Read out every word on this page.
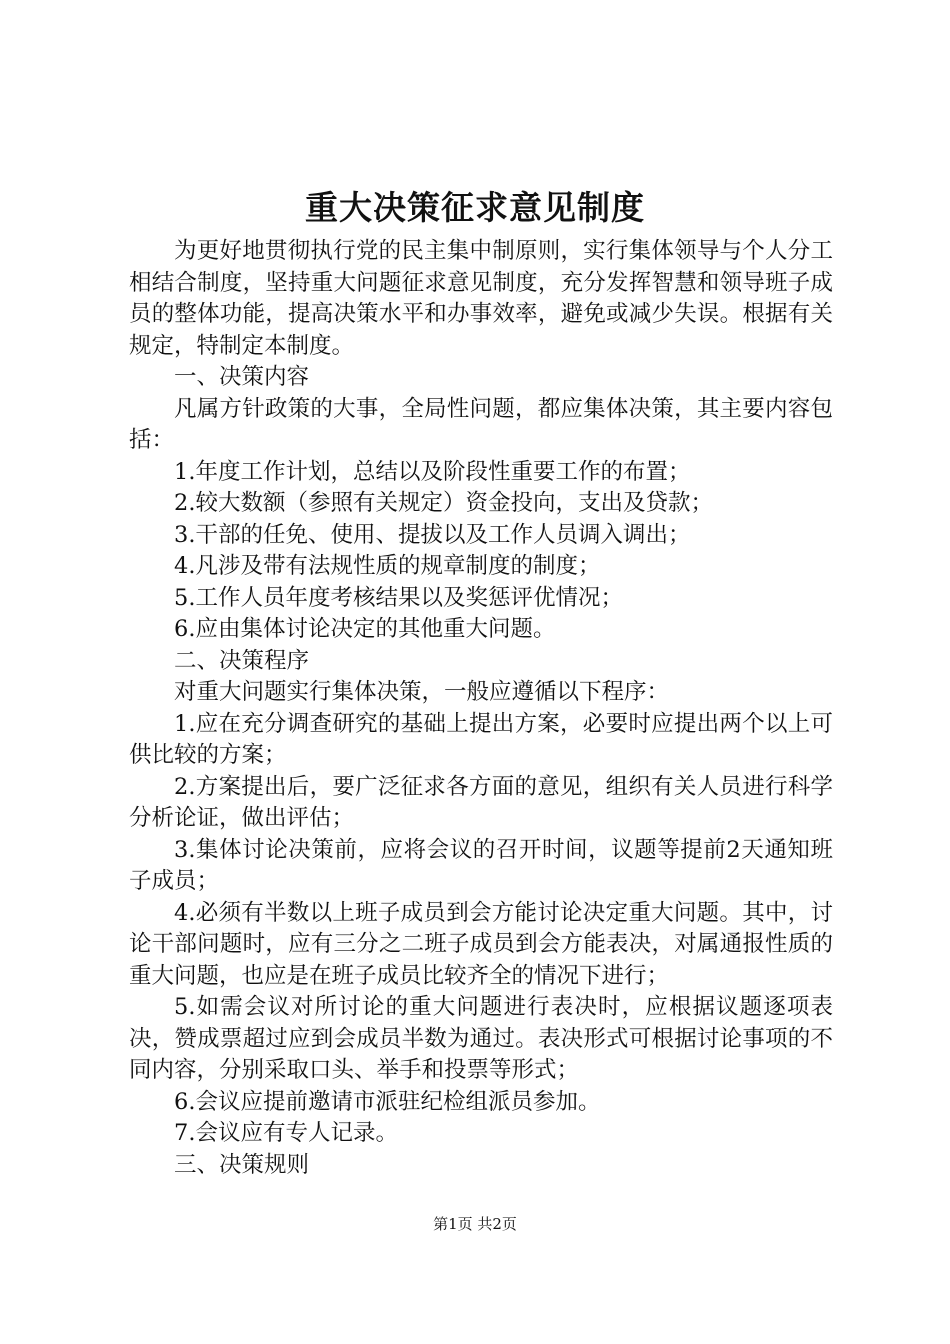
重大决策征求意见制度

为更好地贯彻执行党的民主集中制原则，实行集体领导与个人分工相结合制度，坚持重大问题征求意见制度，充分发挥智慧和领导班子成员的整体功能，提高决策水平和办事效率，避免或减少失误。根据有关规定，特制定本制度。

一、决策内容

凡属方针政策的大事，全局性问题，都应集体决策，其主要内容包括：

1.年度工作计划，总结以及阶段性重要工作的布置；

2.较大数额（参照有关规定）资金投向，支出及贷款；

3.干部的任免、使用、提拔以及工作人员调入调出；

4.凡涉及带有法规性质的规章制度的制度；

5.工作人员年度考核结果以及奖惩评优情况；

6.应由集体讨论决定的其他重大问题。

二、决策程序

对重大问题实行集体决策，一般应遵循以下程序：

1.应在充分调查研究的基础上提出方案，必要时应提出两个以上可供比较的方案；

2.方案提出后，要广泛征求各方面的意见，组织有关人员进行科学分析论证，做出评估；

3.集体讨论决策前，应将会议的召开时间，议题等提前2天通知班子成员；

4.必须有半数以上班子成员到会方能讨论决定重大问题。其中，讨论干部问题时，应有三分之二班子成员到会方能表决，对属通报性质的重大问题，也应是在班子成员比较齐全的情况下进行；

5.如需会议对所讨论的重大问题进行表决时，应根据议题逐项表决，赞成票超过应到会成员半数为通过。表决形式可根据讨论事项的不同内容，分别采取口头、举手和投票等形式；

6.会议应提前邀请市派驻纪检组派员参加。

7.会议应有专人记录。

三、决策规则

第1页 共2页
